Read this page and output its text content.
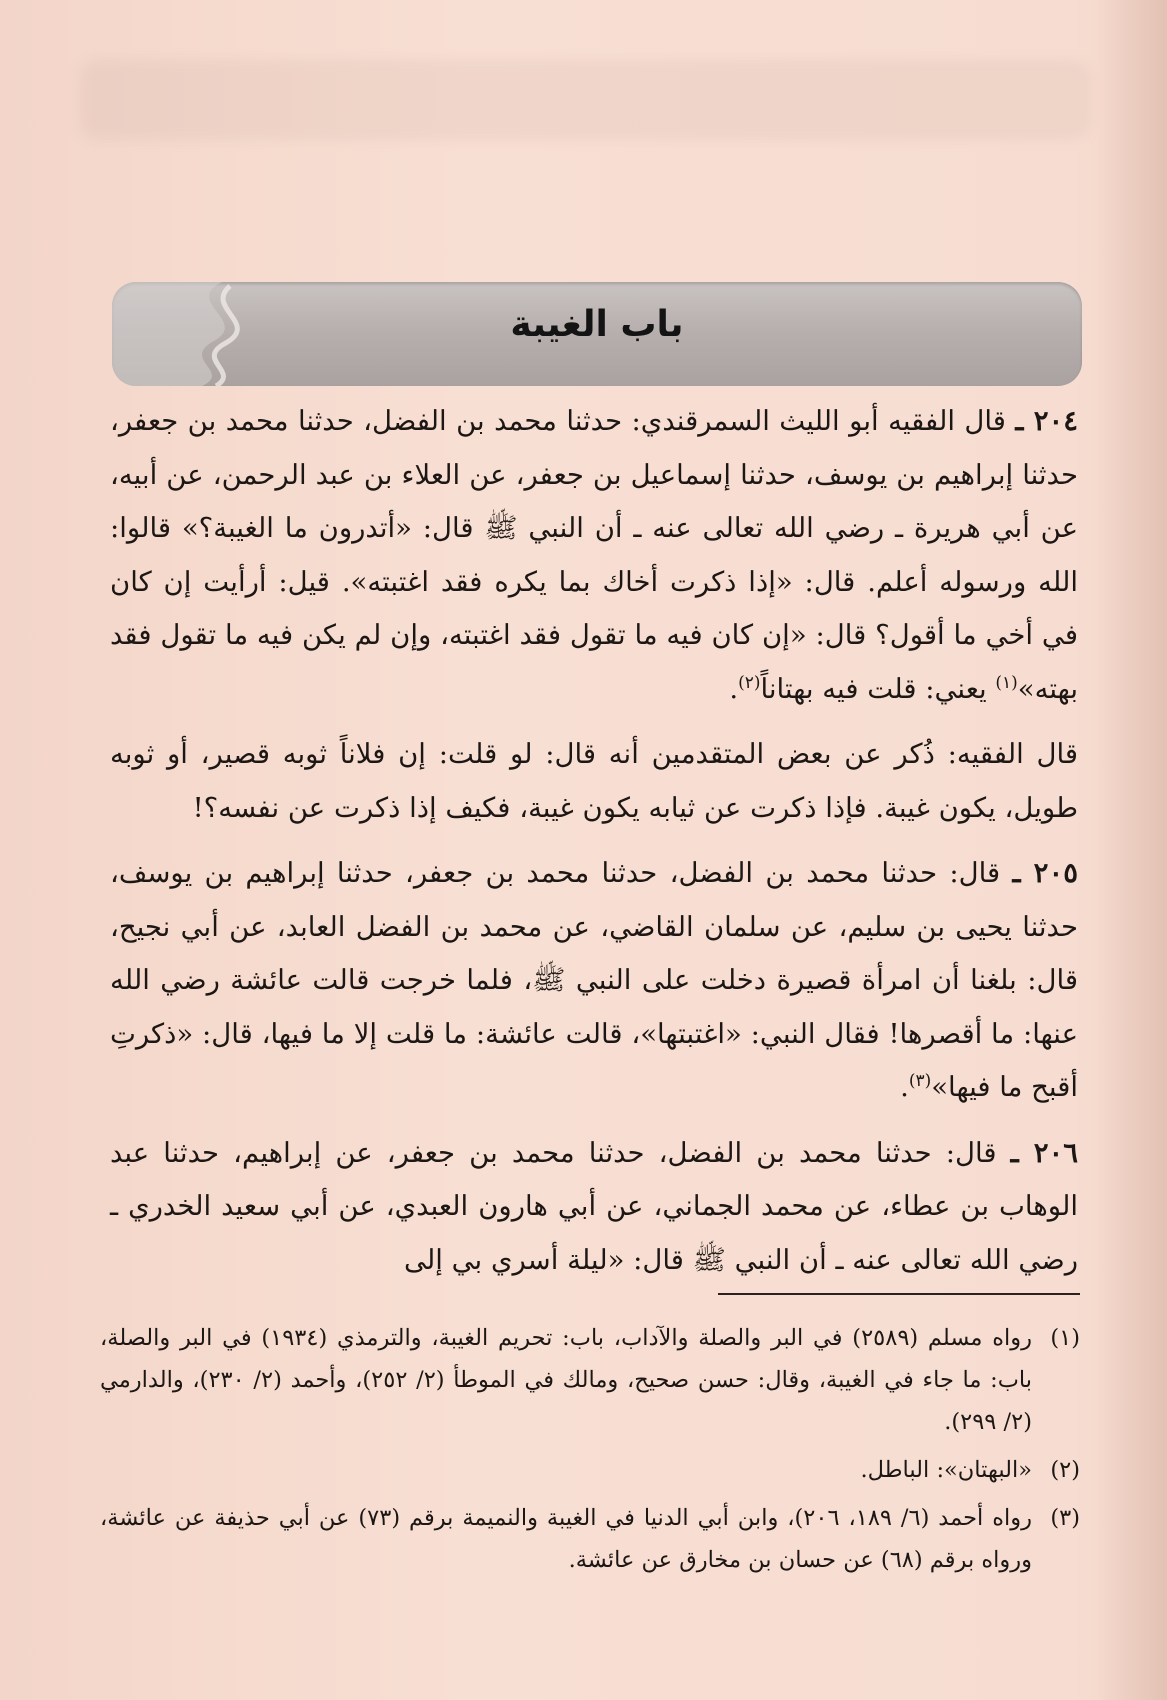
باب الغيبة

٢٠٤ ـ قال الفقيه أبو الليث السمرقندي: حدثنا محمد بن الفضل، حدثنا محمد بن جعفر، حدثنا إبراهيم بن يوسف، حدثنا إسماعيل بن جعفر، عن العلاء بن عبد الرحمن، عن أبيه، عن أبي هريرة ـ رضي الله تعالى عنه ـ أن النبي ﷺ قال: «أتدرون ما الغيبة؟» قالوا: الله ورسوله أعلم. قال: «إذا ذكرت أخاك بما يكره فقد اغتبته». قيل: أرأيت إن كان في أخي ما أقول؟ قال: «إن كان فيه ما تقول فقد اغتبته، وإن لم يكن فيه ما تقول فقد بهته»$^{(١)}$ يعني: قلت فيه بهتاناً$^{(٢)}$.

قال الفقيه: ذُكر عن بعض المتقدمين أنه قال: لو قلت: إن فلاناً ثوبه قصير، أو ثوبه طويل، يكون غيبة. فإذا ذكرت عن ثيابه يكون غيبة، فكيف إذا ذكرت عن نفسه؟!

٢٠٥ ـ قال: حدثنا محمد بن الفضل، حدثنا محمد بن جعفر، حدثنا إبراهيم بن يوسف، حدثنا يحيى بن سليم، عن سلمان القاضي، عن محمد بن الفضل العابد، عن أبي نجيح، قال: بلغنا أن امرأة قصيرة دخلت على النبي ﷺ، فلما خرجت قالت عائشة رضي الله عنها: ما أقصرها! فقال النبي: «اغتبتها»، قالت عائشة: ما قلت إلا ما فيها، قال: «ذكرتِ أقبح ما فيها»$^{(٣)}$.

٢٠٦ ـ قال: حدثنا محمد بن الفضل، حدثنا محمد بن جعفر، عن إبراهيم، حدثنا عبد الوهاب بن عطاء، عن محمد الجماني، عن أبي هارون العبدي، عن أبي سعيد الخدري ـ رضي الله تعالى عنه ـ أن النبي ﷺ قال: «ليلة أسري بي إلى

(١)
رواه مسلم (٢٥٨٩) في البر والصلة والآداب، باب: تحريم الغيبة، والترمذي (١٩٣٤) في البر والصلة، باب: ما جاء في الغيبة، وقال: حسن صحيح، ومالك في الموطأ (٢/ ٢٥٢)، وأحمد (٢/ ٢٣٠)، والدارمي (٢/ ٢٩٩).
(٢)
«البهتان»: الباطل.
(٣)
رواه أحمد (٦/ ١٨٩، ٢٠٦)، وابن أبي الدنيا في الغيبة والنميمة برقم (٧٣) عن أبي حذيفة عن عائشة، ورواه برقم (٦٨) عن حسان بن مخارق عن عائشة.
